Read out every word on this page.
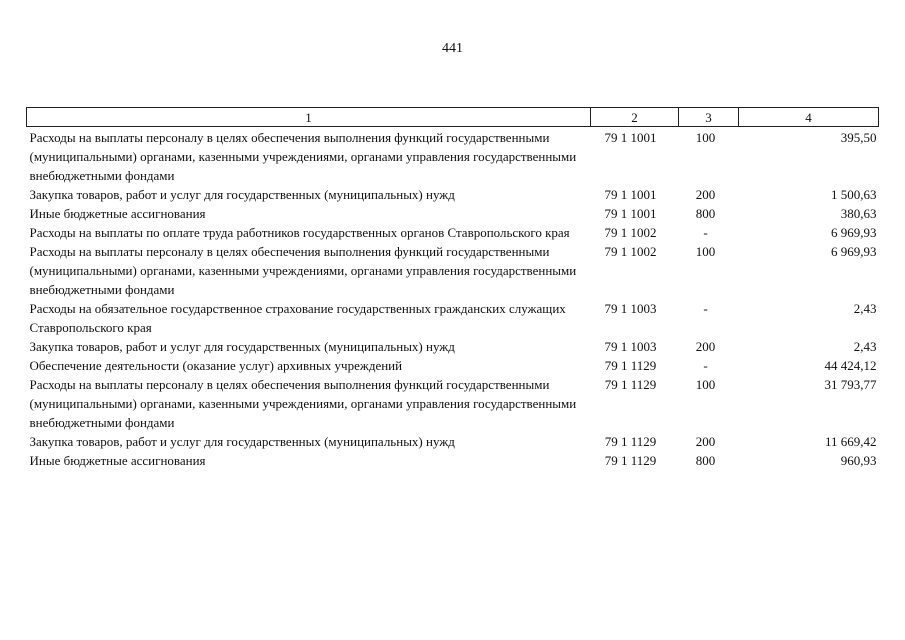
441
1	2	3	4
Расходы на выплаты персоналу в целях обеспечения выполнения функций государственными (муниципальными) органами, казенными учреждениями, органами управления государственными внебюджетными фондами	79 1 1001	100	395,50
Закупка товаров, работ и услуг для государственных (муниципальных) нужд	79 1 1001	200	1 500,63
Иные бюджетные ассигнования	79 1 1001	800	380,63
Расходы на выплаты по оплате труда работников государственных органов Ставропольского края	79 1 1002	-	6 969,93
Расходы на выплаты персоналу в целях обеспечения выполнения функций государственными (муниципальными) органами, казенными учреждениями, органами управления государственными внебюджетными фондами	79 1 1002	100	6 969,93
Расходы на обязательное государственное страхование государственных гражданских служащих Ставропольского края	79 1 1003	-	2,43
Закупка товаров, работ и услуг для государственных (муниципальных) нужд	79 1 1003	200	2,43
Обеспечение деятельности (оказание услуг) архивных учреждений	79 1 1129	-	44 424,12
Расходы на выплаты персоналу в целях обеспечения выполнения функций государственными (муниципальными) органами, казенными учреждениями, органами управления государственными внебюджетными фондами	79 1 1129	100	31 793,77
Закупка товаров, работ и услуг для государственных (муниципальных) нужд	79 1 1129	200	11 669,42
Иные бюджетные ассигнования	79 1 1129	800	960,93
